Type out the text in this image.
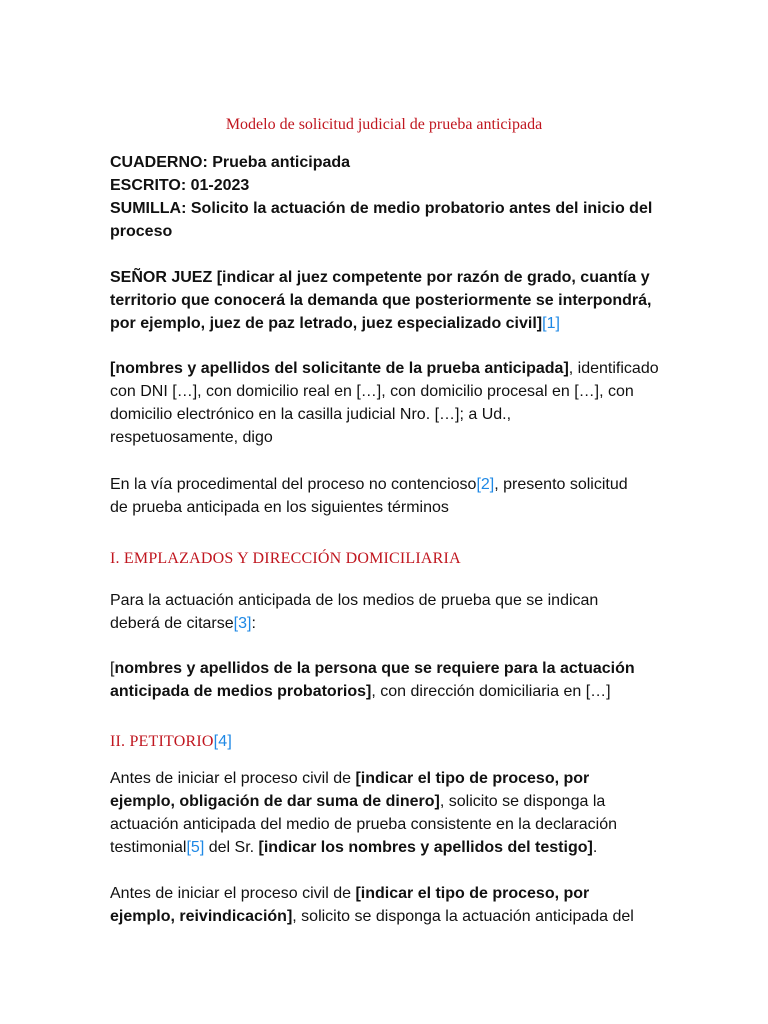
Modelo de solicitud judicial de prueba anticipada
CUADERNO: Prueba anticipada
ESCRITO: 01-2023
SUMILLA: Solicito la actuación de medio probatorio antes del inicio del
proceso
SEÑOR JUEZ [indicar al juez competente por razón de grado, cuantía y
territorio que conocerá la demanda que posteriormente se interpondrá,
por ejemplo, juez de paz letrado, juez especializado civil][1]
[nombres y apellidos del solicitante de la prueba anticipada], identificado
con DNI […], con domicilio real en […], con domicilio procesal en […], con
domicilio electrónico en la casilla judicial Nro. […]; a Ud.,
respetuosamente, digo
En la vía procedimental del proceso no contencioso[2], presento solicitud
de prueba anticipada en los siguientes términos
I. EMPLAZADOS Y DIRECCIÓN DOMICILIARIA
Para la actuación anticipada de los medios de prueba que se indican
deberá de citarse[3]:
[nombres y apellidos de la persona que se requiere para la actuación
anticipada de medios probatorios], con dirección domiciliaria en […]
II. PETITORIO[4]
Antes de iniciar el proceso civil de [indicar el tipo de proceso, por
ejemplo, obligación de dar suma de dinero], solicito se disponga la
actuación anticipada del medio de prueba consistente en la declaración
testimonial[5] del Sr. [indicar los nombres y apellidos del testigo].
Antes de iniciar el proceso civil de [indicar el tipo de proceso, por
ejemplo, reivindicación], solicito se disponga la actuación anticipada del
